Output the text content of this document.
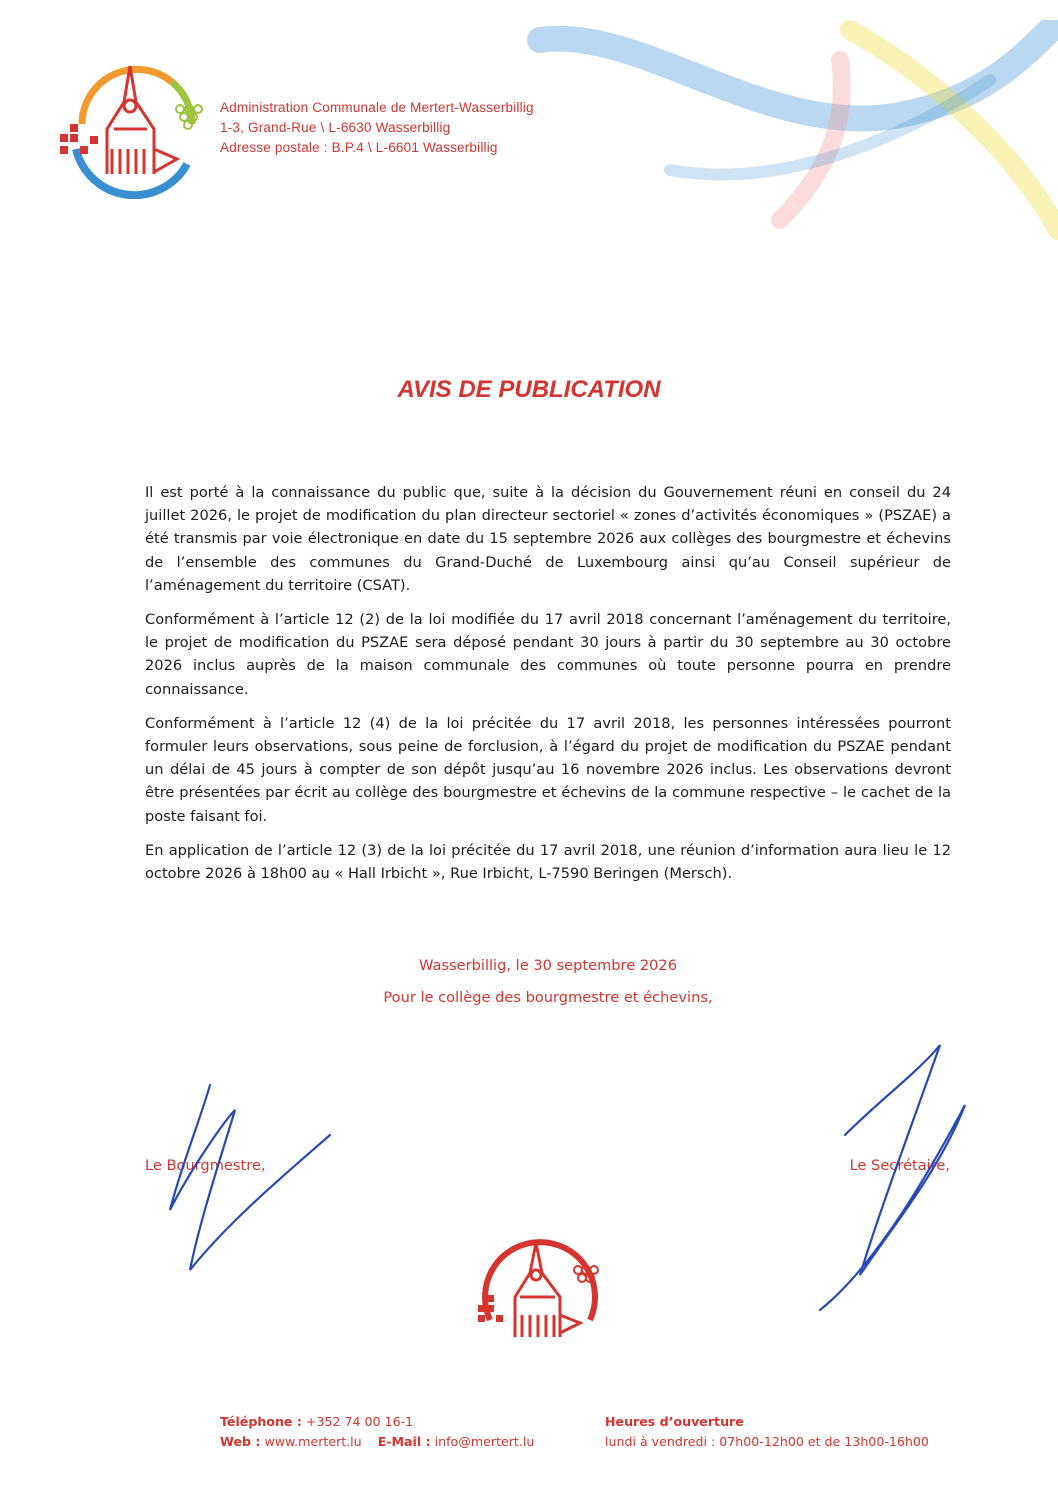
Administration Communale de Mertert-Wasserbillig
1-3, Grand-Rue \ L-6630 Wasserbillig
Adresse postale : B.P.4 \ L-6601 Wasserbillig
AVIS DE PUBLICATION

Il est porté à la connaissance du public que, suite à la décision du Gouvernement réuni en conseil du 24 juillet 2026, le projet de modification du plan directeur sectoriel « zones d’activités économiques » (PSZAE) a été transmis par voie électronique en date du 15 septembre 2026 aux collèges des bourgmestre et échevins de l’ensemble des communes du Grand-Duché de Luxembourg ainsi qu’au Conseil supérieur de l’aménagement du territoire (CSAT).

Conformément à l’article 12 (2) de la loi modifiée du 17 avril 2018 concernant l’aménagement du territoire, le projet de modification du PSZAE sera déposé pendant 30 jours à partir du 30 septembre au 30 octobre 2026 inclus auprès de la maison communale des communes où toute personne pourra en prendre connaissance.

Conformément à l’article 12 (4) de la loi précitée du 17 avril 2018, les personnes intéressées pourront formuler leurs observations, sous peine de forclusion, à l’égard du projet de modification du PSZAE pendant un délai de 45 jours à compter de son dépôt jusqu’au 16 novembre 2026 inclus. Les observations devront être présentées par écrit au collège des bourgmestre et échevins de la commune respective – le cachet de la poste faisant foi.

En application de l’article 12 (3) de la loi précitée du 17 avril 2018, une réunion d’information aura lieu le 12 octobre 2026 à 18h00 au « Hall Irbicht », Rue Irbicht, L-7590 Beringen (Mersch).

Wasserbillig, le 30 septembre 2026
Pour le collège des bourgmestre et échevins,
Le Bourgmestre,	Le Secrétaire,
Téléphone : +352 74 00 16-1
Web : www.mertert.lu E-Mail : info@mertert.lu
Heures d’ouverture
lundi à vendredi : 07h00-12h00 et de 13h00-16h00
